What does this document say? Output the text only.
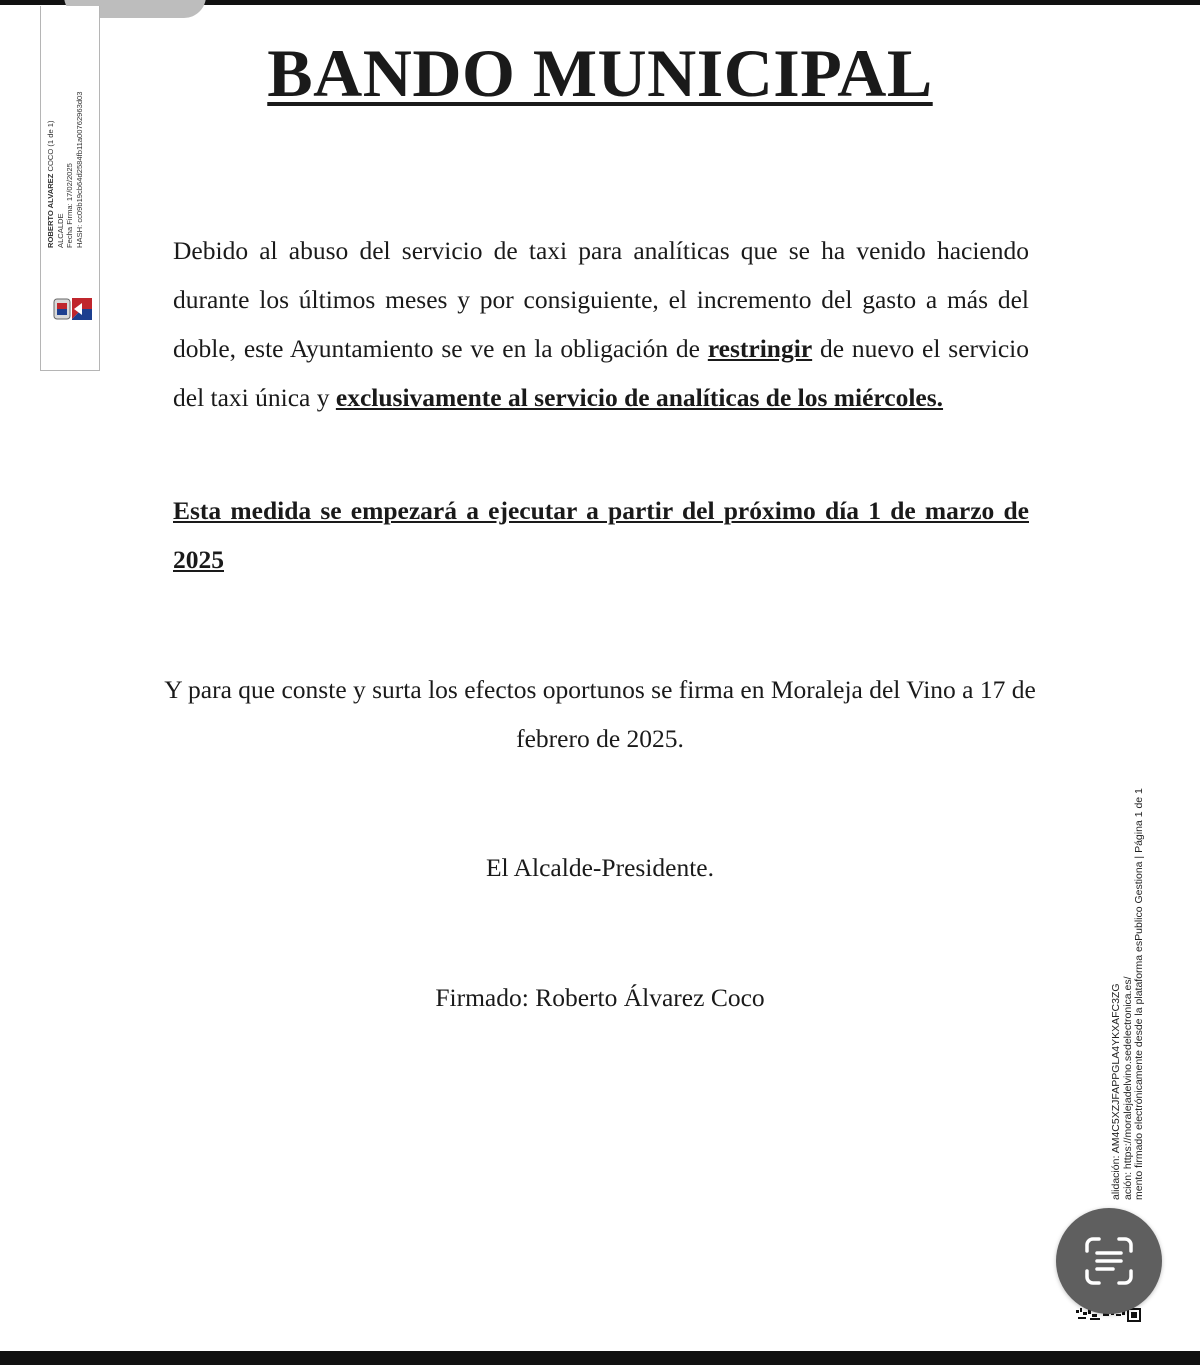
ROBERTO ALVAREZ COCO (1 de 1)
ALCALDE Fecha Firma: 17/02/2025 HASH: cc09b19cb64d2584fb11a00762963d03
BANDO MUNICIPAL
Debido al abuso del servicio de taxi para analíticas que se ha venido haciendo durante los últimos meses y por consiguiente, el incremento del gasto a más del doble, este Ayuntamiento se ve en la obligación de restringir de nuevo el servicio del taxi única y exclusivamente al servicio de analíticas de los miércoles.
Esta medida se empezará a ejecutar a partir del próximo día 1 de marzo de 2025
Y para que conste y surta los efectos oportunos se firma en Moraleja del Vino a 17 de febrero de 2025.
El Alcalde-Presidente.
Firmado: Roberto Álvarez Coco	alidación: AM4C5XZJFAPPGLA4YKXAFC3ZG ación: https://moralejadelvino.sedelectronica.es/ mento firmado electrónicamente desde la plataforma esPublico Gestiona | Página 1 de 1
